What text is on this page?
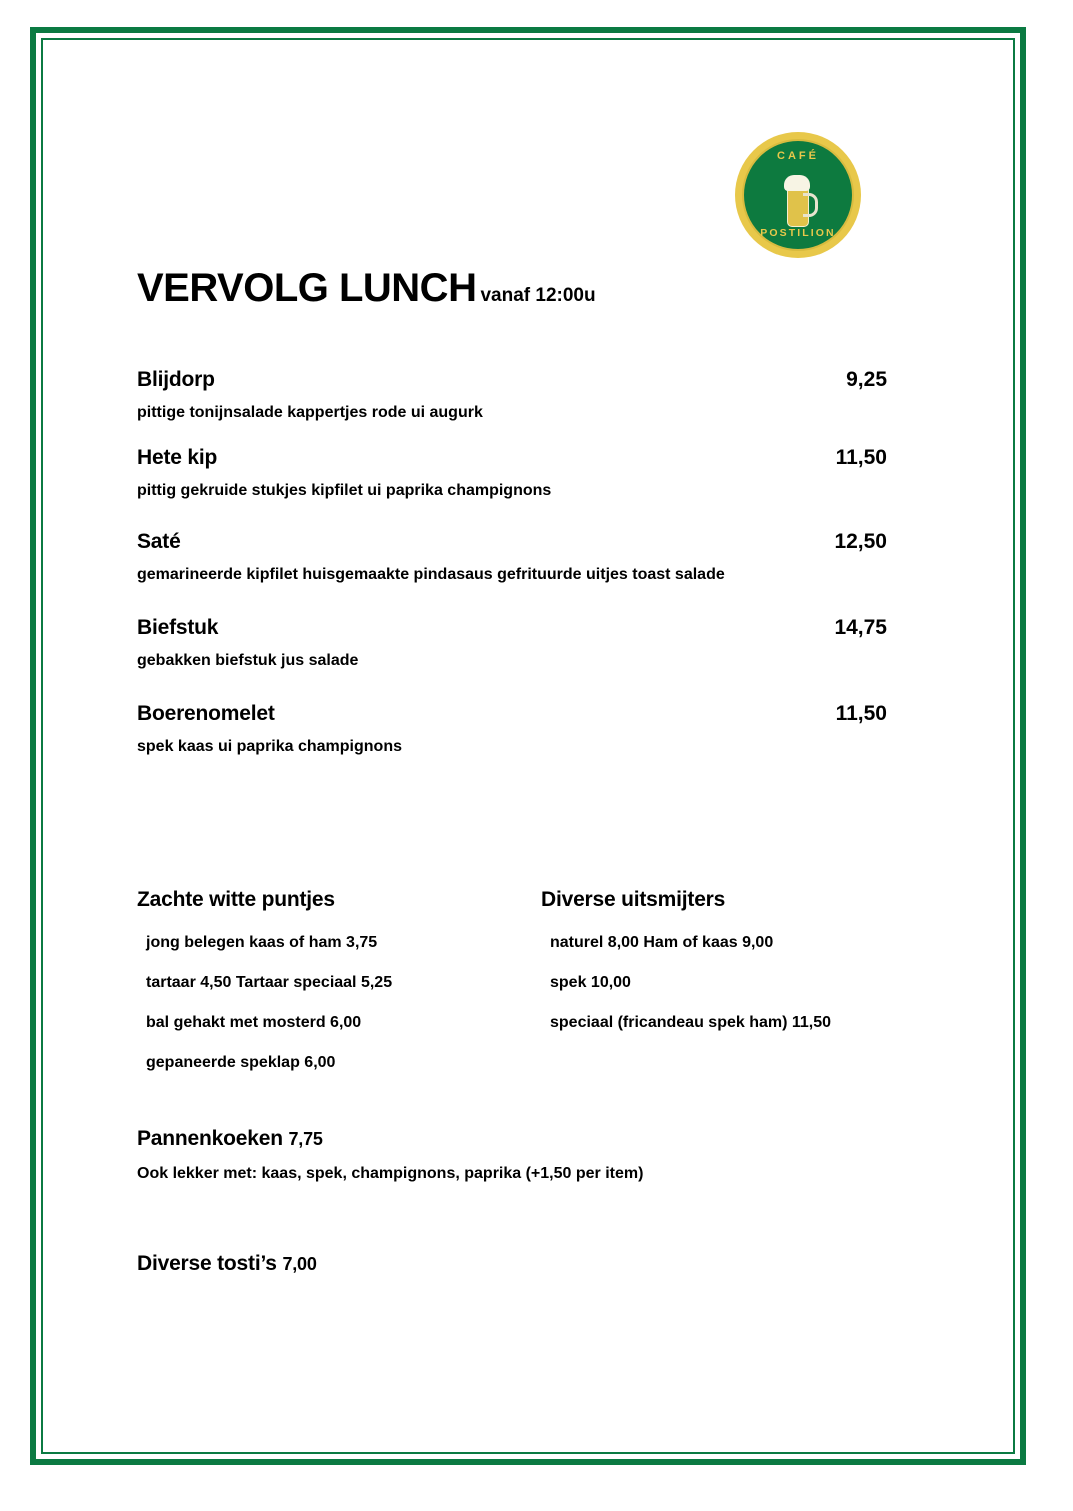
CAFÉ
POSTILION
VERVOLG LUNCH vanaf 12:00u
Blijdorp	9,25
pittige tonijnsalade kappertjes rode ui augurk
Hete kip	11,50
pittig gekruide stukjes kipfilet ui paprika champignons
Saté	12,50
gemarineerde kipfilet huisgemaakte pindasaus gefrituurde uitjes toast salade
Biefstuk	14,75
gebakken biefstuk jus salade
Boerenomelet	11,50
spek kaas ui paprika champignons
Zachte witte puntjes
jong belegen kaas of ham 3,75
tartaar 4,50 Tartaar speciaal 5,25
bal gehakt met mosterd 6,00
gepaneerde speklap 6,00
Diverse uitsmijters
naturel 8,00 Ham of kaas 9,00
spek 10,00
speciaal (fricandeau spek ham) 11,50
Pannenkoeken 7,75
Ook lekker met: kaas, spek, champignons, paprika (+1,50 per item)
Diverse tosti’s 7,00
